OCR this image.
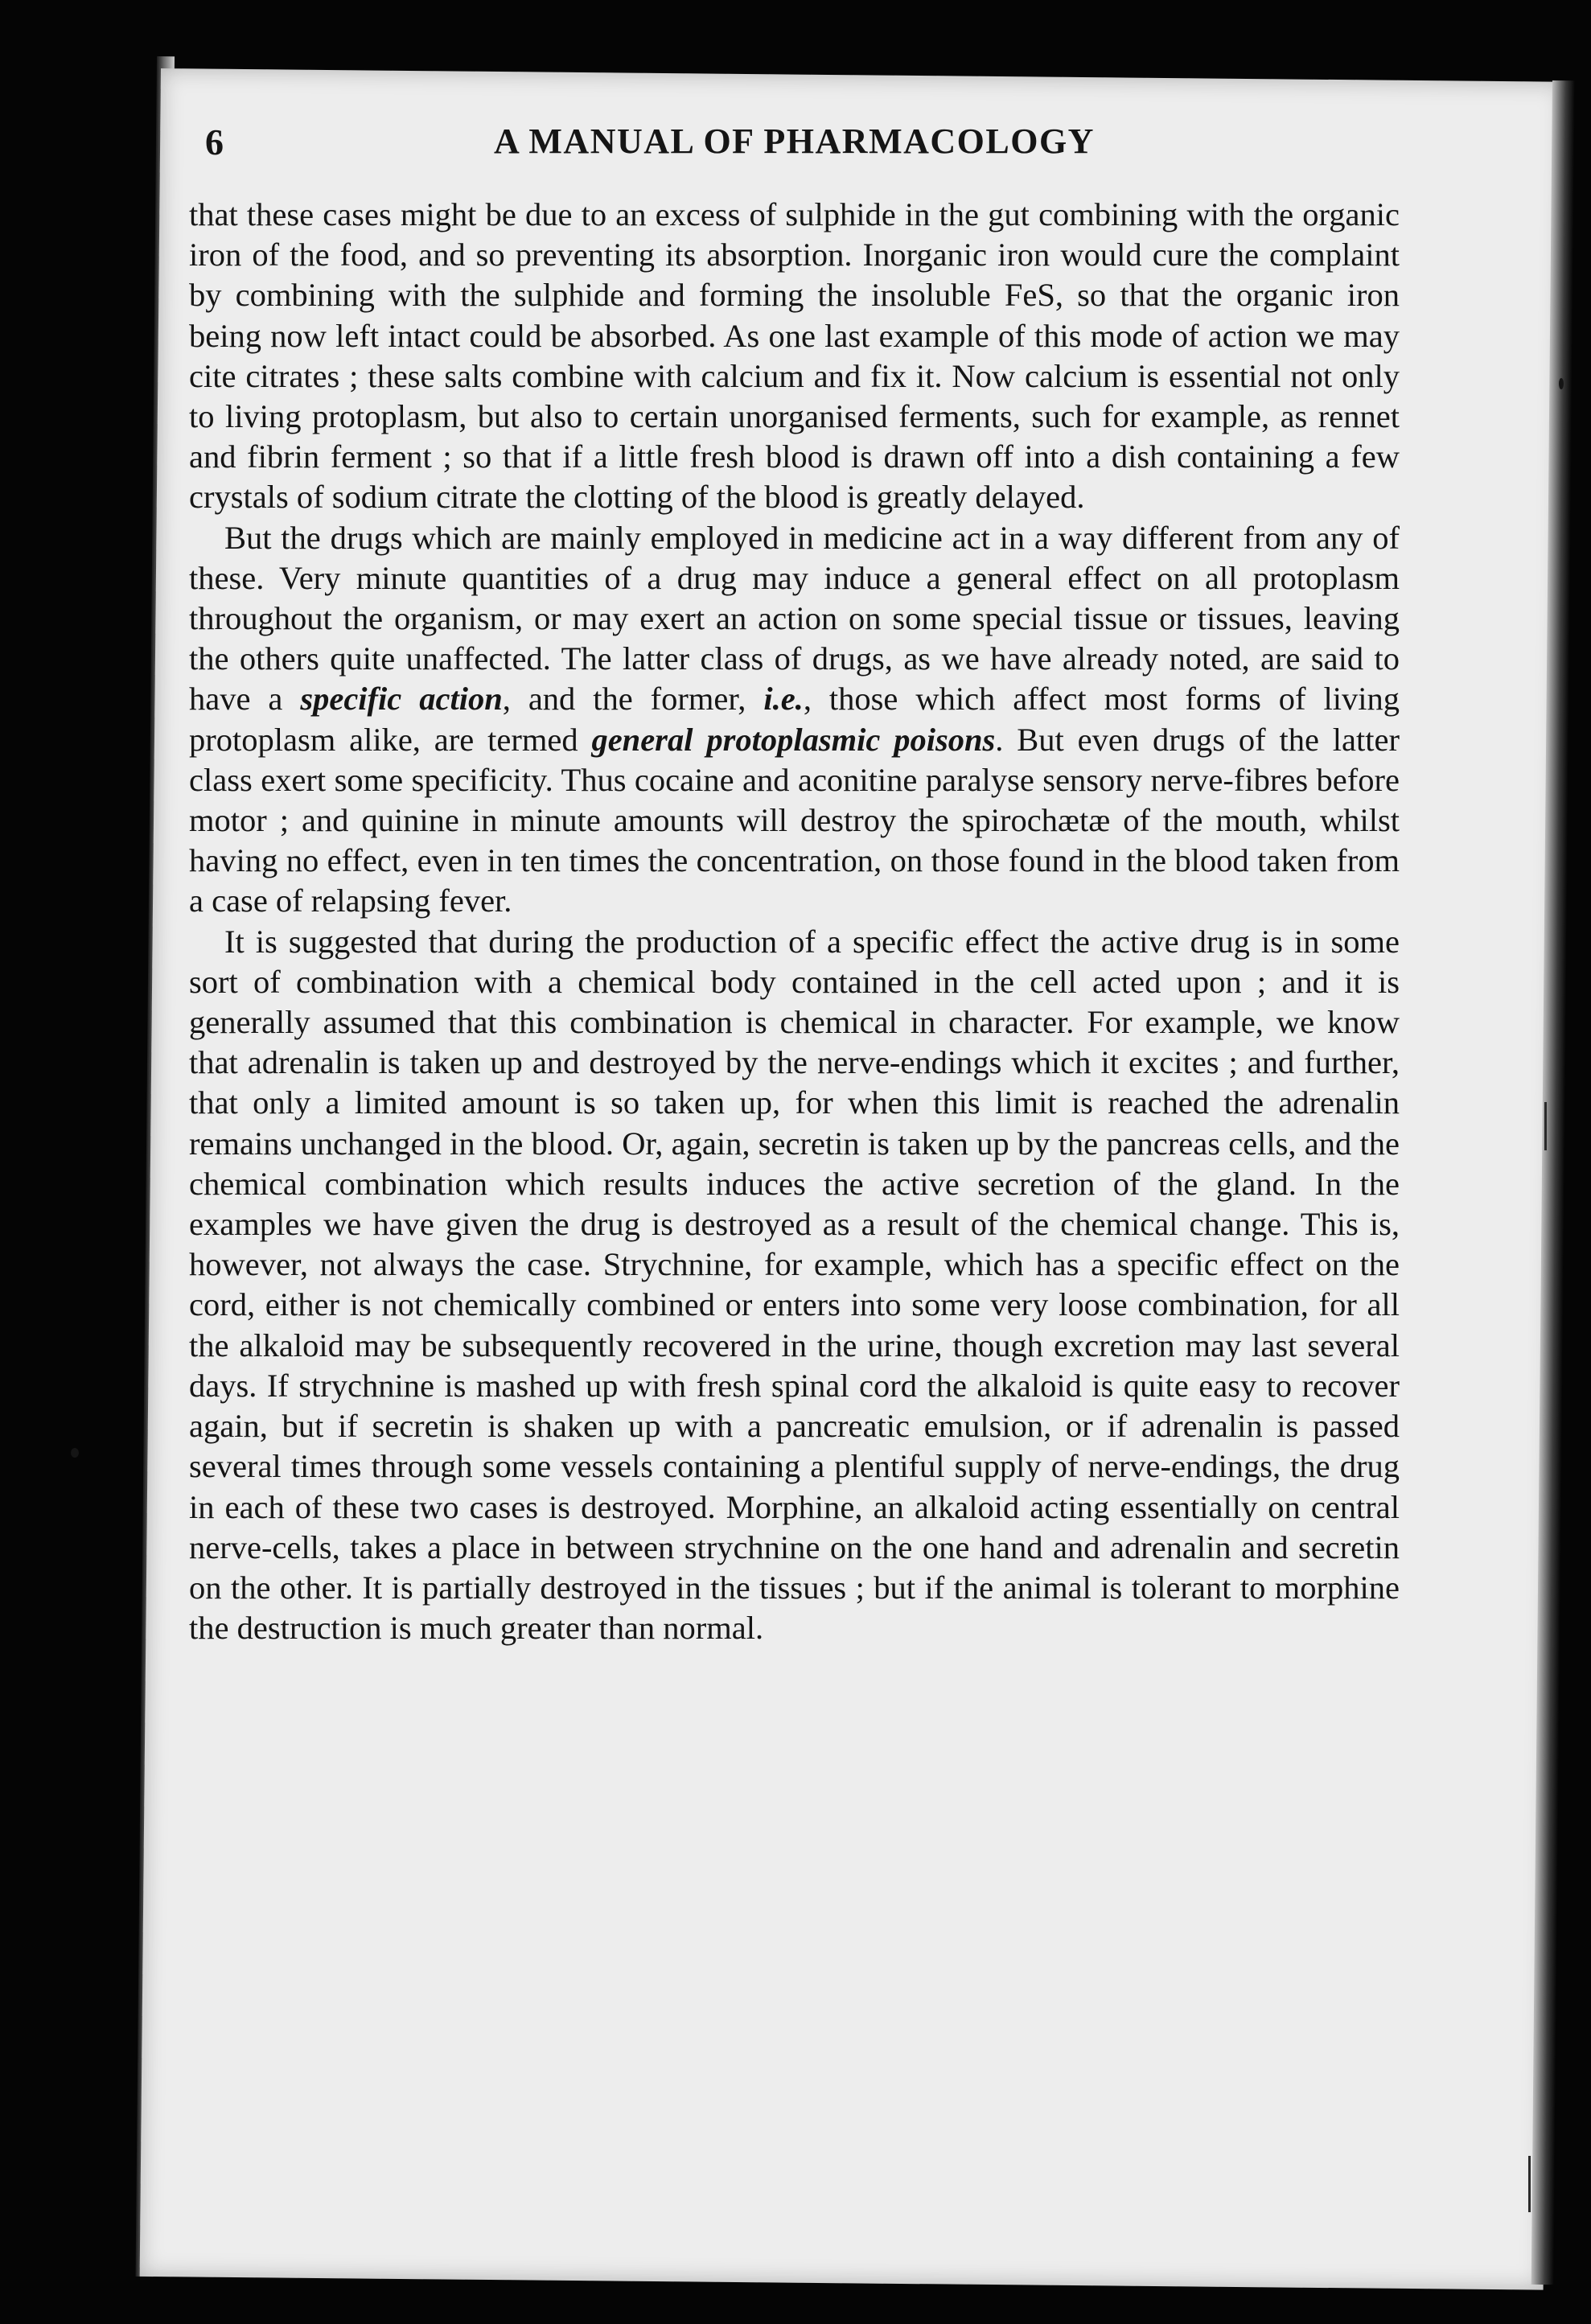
6	A MANUAL OF PHARMACOLOGY

that these cases might be due to an excess of sulphide in the gut combining with the organic iron of the food, and so preventing its absorption. Inorganic iron would cure the complaint by combining with the sulphide and forming the insoluble FeS, so that the organic iron being now left intact could be absorbed. As one last example of this mode of action we may cite citrates ; these salts combine with calcium and fix it. Now calcium is essential not only to living protoplasm, but also to certain unorganised ferments, such for example, as rennet and fibrin ferment ; so that if a little fresh blood is drawn off into a dish containing a few crystals of sodium citrate the clotting of the blood is greatly delayed.

But the drugs which are mainly employed in medicine act in a way different from any of these. Very minute quantities of a drug may induce a general effect on all protoplasm throughout the organism, or may exert an action on some special tissue or tissues, leaving the others quite unaffected. The latter class of drugs, as we have already noted, are said to have a specific action, and the former, i.e., those which affect most forms of living protoplasm alike, are termed general protoplasmic poisons. But even drugs of the latter class exert some specificity. Thus cocaine and aconitine paralyse sensory nerve-fibres before motor ; and quinine in minute amounts will destroy the spirochætæ of the mouth, whilst having no effect, even in ten times the concentration, on those found in the blood taken from a case of relapsing fever.

It is suggested that during the production of a specific effect the active drug is in some sort of combination with a chemical body contained in the cell acted upon ; and it is generally assumed that this combination is chemical in character. For example, we know that adrenalin is taken up and destroyed by the nerve-endings which it excites ; and further, that only a limited amount is so taken up, for when this limit is reached the adrenalin remains unchanged in the blood. Or, again, secretin is taken up by the pancreas cells, and the chemical combination which results induces the active secretion of the gland. In the examples we have given the drug is destroyed as a result of the chemical change. This is, however, not always the case. Strychnine, for example, which has a specific effect on the cord, either is not chemically combined or enters into some very loose combination, for all the alkaloid may be subsequently recovered in the urine, though excretion may last several days. If strychnine is mashed up with fresh spinal cord the alkaloid is quite easy to recover again, but if secretin is shaken up with a pancreatic emulsion, or if adrenalin is passed several times through some vessels containing a plentiful supply of nerve-endings, the drug in each of these two cases is destroyed. Morphine, an alkaloid acting essentially on central nerve-cells, takes a place in between strychnine on the one hand and adrenalin and secretin on the other. It is partially destroyed in the tissues ; but if the animal is tolerant to morphine the destruction is much greater than normal.
